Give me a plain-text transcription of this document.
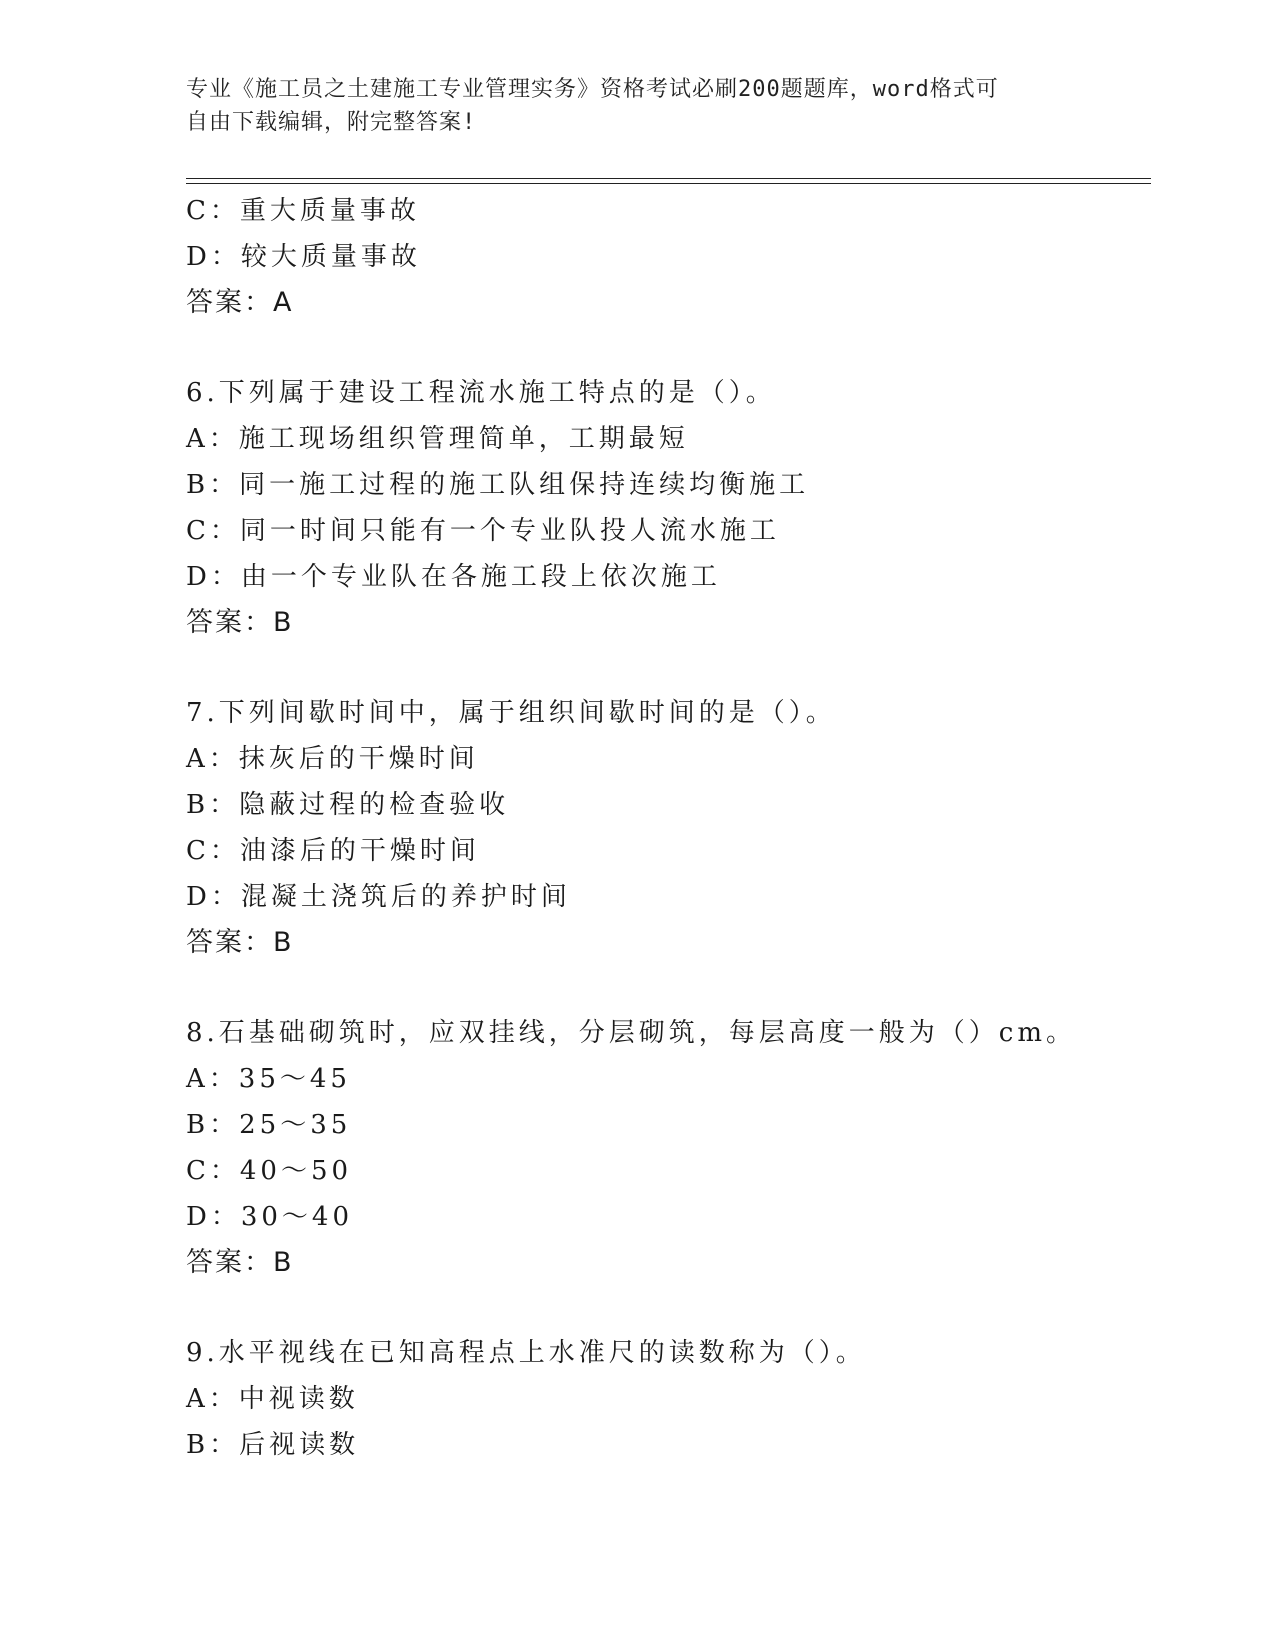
专业《施工员之土建施工专业管理实务》资格考试必刷200题题库，word格式可
自由下载编辑，附完整答案!
C：重大质量事故
D：较大质量事故
答案：A
6.下列属于建设工程流水施工特点的是（）。
A：施工现场组织管理简单，工期最短
B：同一施工过程的施工队组保持连续均衡施工
C：同一时间只能有一个专业队投人流水施工
D：由一个专业队在各施工段上依次施工
答案：B
7.下列间歇时间中，属于组织间歇时间的是（）。
A：抹灰后的干燥时间
B：隐蔽过程的检查验收
C：油漆后的干燥时间
D：混凝土浇筑后的养护时间
答案：B
8.石基础砌筑时，应双挂线，分层砌筑，每层高度一般为（）cm。
A：35～45
B：25～35
C：40～50
D：30～40
答案：B
9.水平视线在已知高程点上水准尺的读数称为（）。
A：中视读数
B：后视读数
